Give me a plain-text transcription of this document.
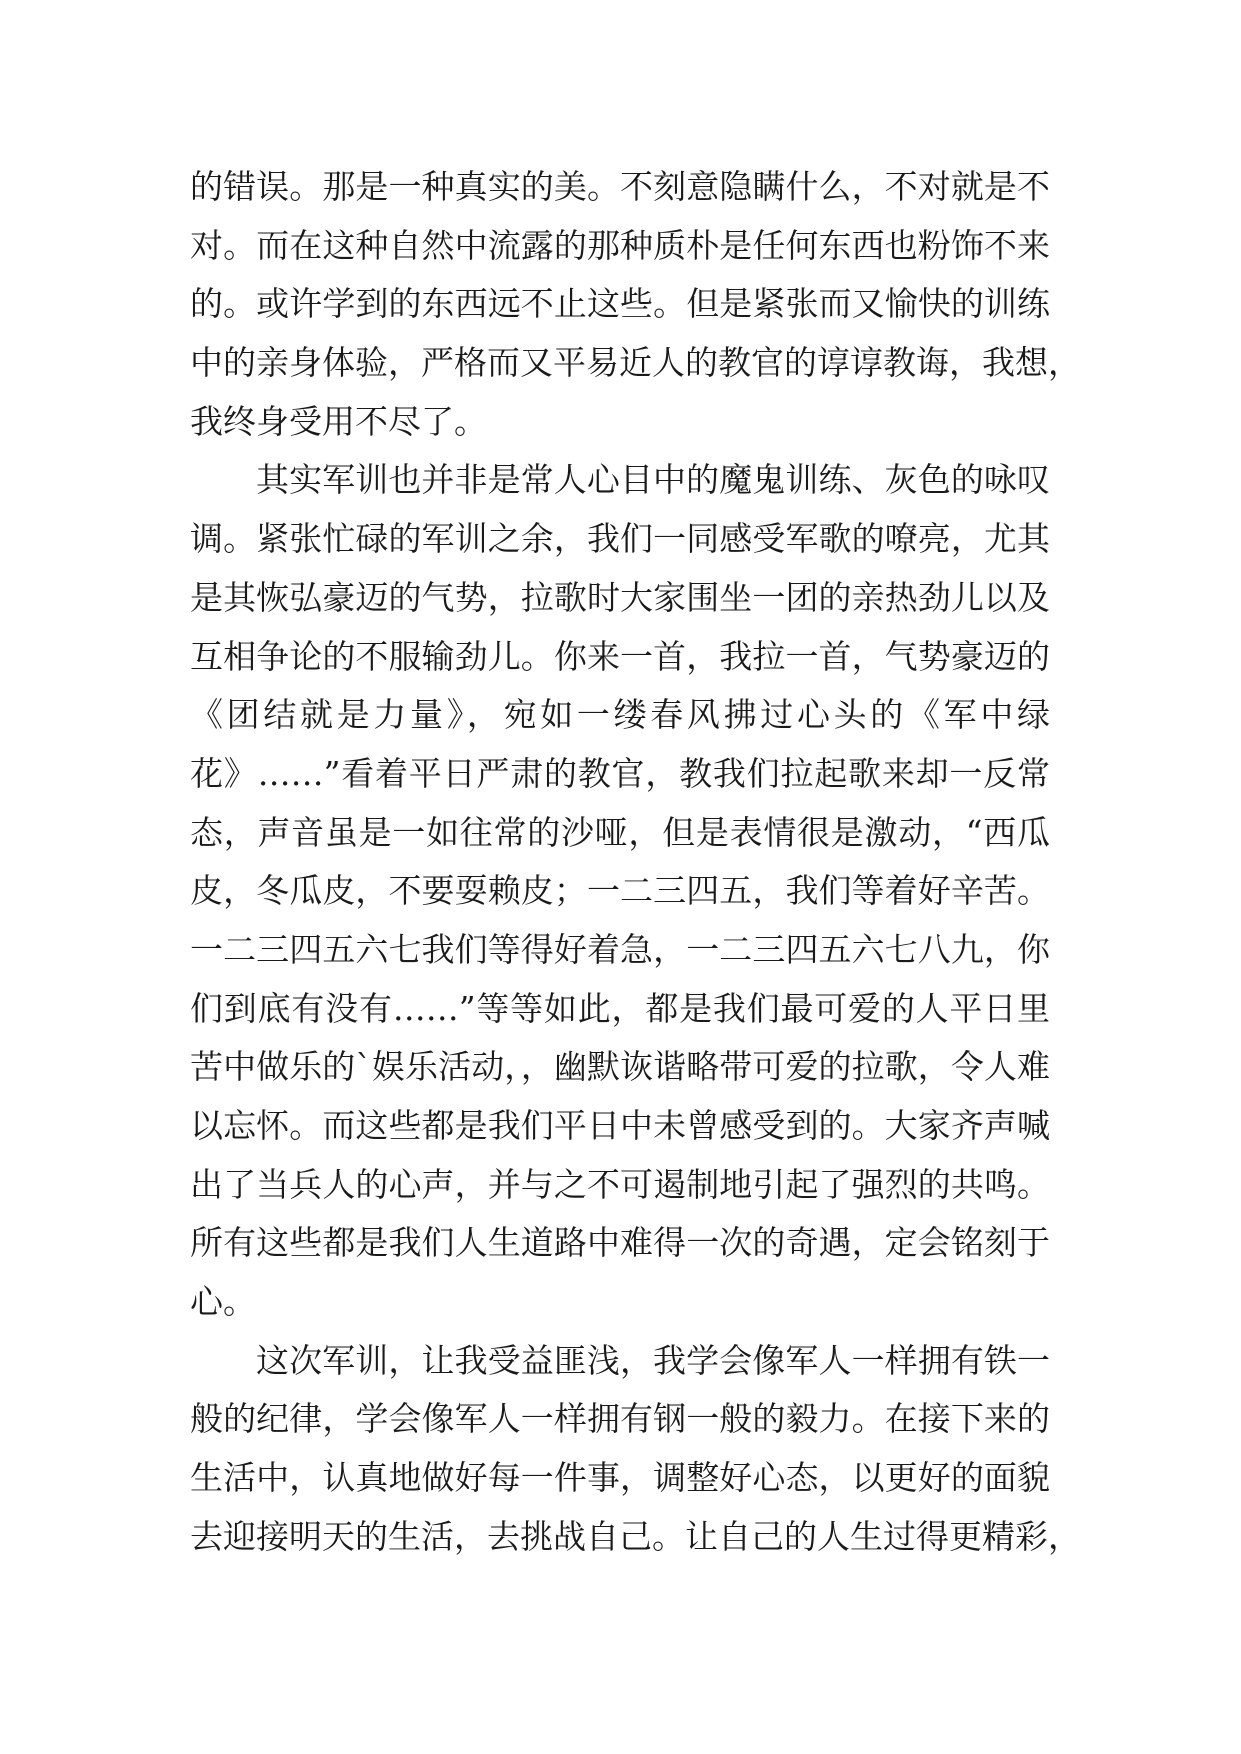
的错误。那是一种真实的美。不刻意隐瞒什么，不对就是不
对。而在这种自然中流露的那种质朴是任何东西也粉饰不来
的。或许学到的东西远不止这些。但是紧张而又愉快的训练
中的亲身体验，严格而又平易近人的教官的谆谆教诲，我想，
我终身受用不尽了。
其实军训也并非是常人心目中的魔鬼训练、灰色的咏叹
调。紧张忙碌的军训之余，我们一同感受军歌的嘹亮，尤其
是其恢弘豪迈的气势，拉歌时大家围坐一团的亲热劲儿以及
互相争论的不服输劲儿。你来一首，我拉一首，气势豪迈的
《团结就是力量》，宛如一缕春风拂过心头的《军中绿
花》……”看着平日严肃的教官，教我们拉起歌来却一反常
态，声音虽是一如往常的沙哑，但是表情很是激动，“西瓜
皮，冬瓜皮，不要耍赖皮；一二三四五，我们等着好辛苦。
一二三四五六七我们等得好着急，一二三四五六七八九，你
们到底有没有……”等等如此，都是我们最可爱的人平日里
苦中做乐的`娱乐活动，，幽默诙谐略带可爱的拉歌，令人难
以忘怀。而这些都是我们平日中未曾感受到的。大家齐声喊
出了当兵人的心声，并与之不可遏制地引起了强烈的共鸣。
所有这些都是我们人生道路中难得一次的奇遇，定会铭刻于
心。
这次军训，让我受益匪浅，我学会像军人一样拥有铁一
般的纪律，学会像军人一样拥有钢一般的毅力。在接下来的
生活中，认真地做好每一件事，调整好心态，以更好的面貌
去迎接明天的生活，去挑战自己。让自己的人生过得更精彩，
